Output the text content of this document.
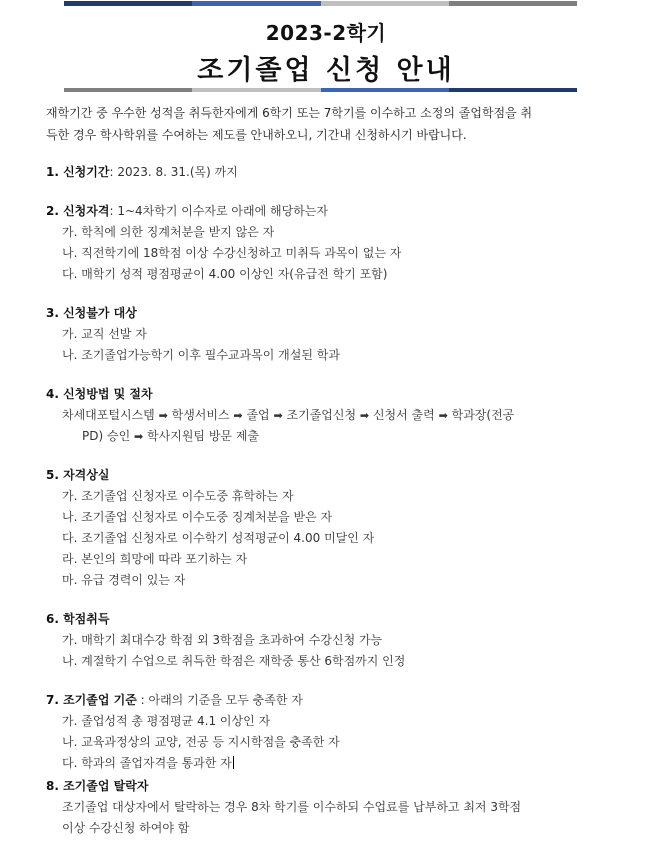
2023-2학기
조기졸업 신청 안내
재학기간 중 우수한 성적을 취득한자에게 6학기 또는 7학기를 이수하고 소정의 졸업학점을 취
득한 경우 학사학위를 수여하는 제도를 안내하오니, 기간내 신청하시기 바랍니다.
1. 신청기간: 2023. 8. 31.(목) 까지
2. 신청자격: 1~4차학기 이수자로 아래에 해당하는자
가. 학칙에 의한 징계처분을 받지 않은 자
나. 직전학기에 18학점 이상 수강신청하고 미취득 과목이 없는 자
다. 매학기 성적 평점평균이 4.00 이상인 자(유급전 학기 포함)
3. 신청불가 대상
가. 교직 선발 자
나. 조기졸업가능학기 이후 필수교과목이 개설된 학과
4. 신청방법 및 절차
차세대포털시스템 ➡ 학생서비스 ➡ 졸업 ➡ 조기졸업신청 ➡ 신청서 출력 ➡ 학과장(전공
PD) 승인 ➡ 학사지원팀 방문 제출
5. 자격상실
가. 조기졸업 신청자로 이수도중 휴학하는 자
나. 조기졸업 신청자로 이수도중 징계처분을 받은 자
다. 조기졸업 신청자로 이수학기 성적평균이 4.00 미달인 자
라. 본인의 희망에 따라 포기하는 자
마. 유급 경력이 있는 자
6. 학점취득
가. 매학기 최대수강 학점 외 3학점을 초과하여 수강신청 가능
나. 계절학기 수업으로 취득한 학점은 재학중 통산 6학점까지 인정
7. 조기졸업 기준 : 아래의 기준을 모두 충족한 자
가. 졸업성적 총 평점평균 4.1 이상인 자
나. 교육과정상의 교양, 전공 등 지시학점을 충족한 자
다. 학과의 졸업자격을 통과한 자
8. 조기졸업 탈락자
조기졸업 대상자에서 탈락하는 경우 8차 학기를 이수하되 수업료를 납부하고 최저 3학점
이상 수강신청 하여야 함
